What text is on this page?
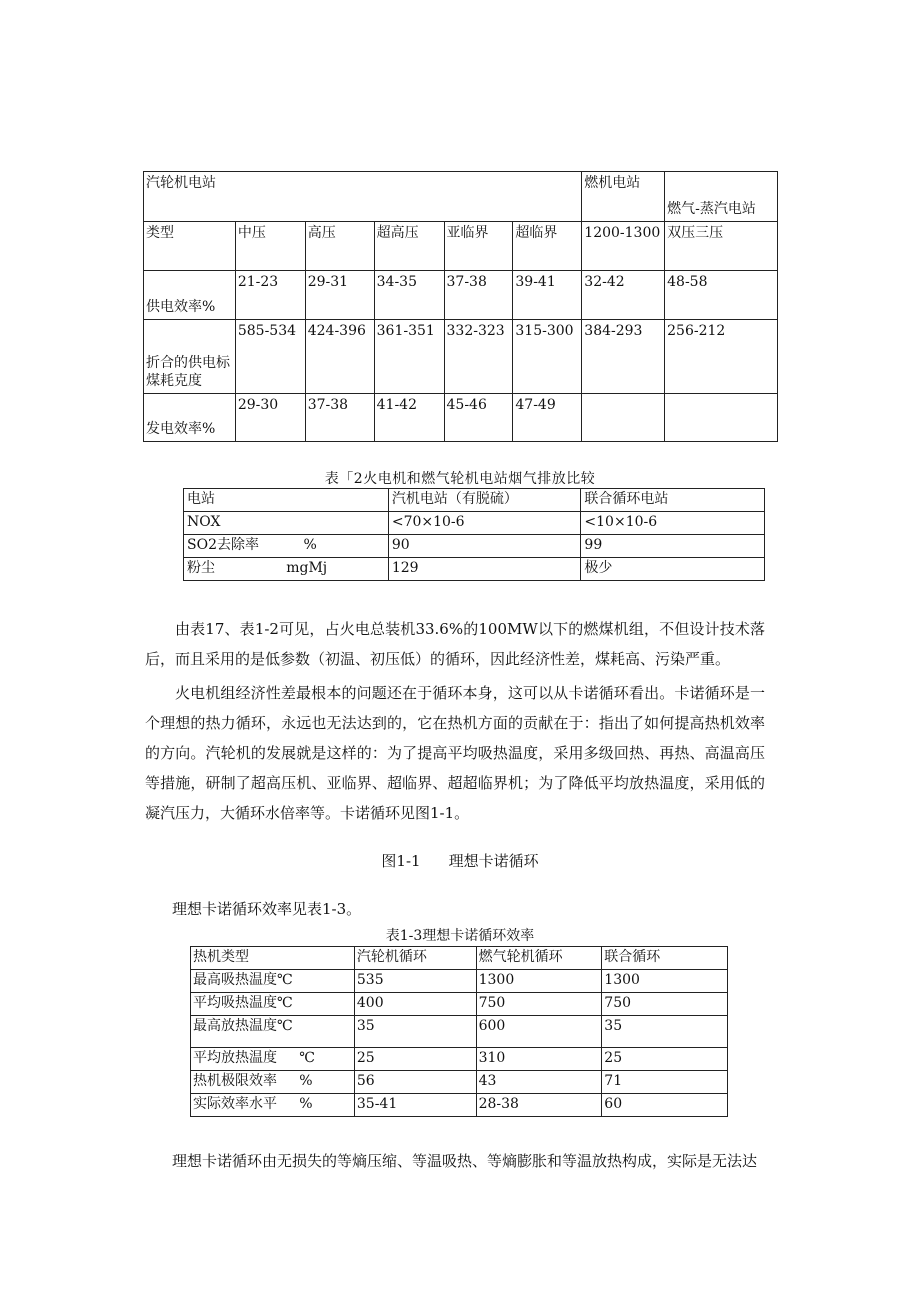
汽轮机电站						燃机电站	燃气-蒸汽电站
类型	中压	高压	超高压	亚临界	超临界	1200-1300	双压三压
供电效率%	21-23	29-31	34-35	37-38	39-41	32-42	48-58
折合的供电标煤耗克度	585-534	424-396	361-351	332-323	315-300	384-293	256-212
发电效率%	29-30	37-38	41-42	45-46	47-49		
表「2火电机和燃气轮机电站烟气排放比较
电站	汽机电站（有脱硫）	联合循环电站
NOX	<70×10-6	<10×10-6
SO2去除率          %	90	99
粉尘                mgMj	129	极少
由表17、表1-2可见，占火电总装机33.6%的100MW以下的燃煤机组，不但设计技术落后，而且采用的是低参数（初温、初压低）的循环，因此经济性差，煤耗高、污染严重。
火电机组经济性差最根本的问题还在于循环本身，这可以从卡诺循环看出。卡诺循环是一个理想的热力循环，永远也无法达到的，它在热机方面的贡献在于：指出了如何提高热机效率的方向。汽轮机的发展就是这样的：为了提高平均吸热温度，采用多级回热、再热、高温高压等措施，研制了超高压机、亚临界、超临界、超超临界机；为了降低平均放热温度，采用低的凝汽压力，大循环水倍率等。卡诺循环见图1-1。
图1-1 理想卡诺循环
理想卡诺循环效率见表1-3。
表1-3理想卡诺循环效率
热机类型	汽轮机循环	燃气轮机循环	联合循环
最高吸热温度℃	535	1300	1300
平均吸热温度℃	400	750	750
最高放热温度℃	35	600	35
平均放热温度     ℃	25	310	25
热机极限效率     %	56	43	71
实际效率水平     %	35-41	28-38	60
理想卡诺循环由无损失的等熵压缩、等温吸热、等熵膨胀和等温放热构成，实际是无法达
